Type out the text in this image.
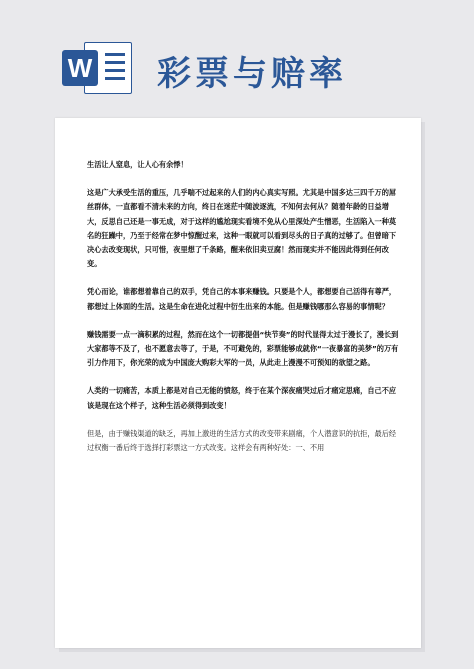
W 彩票与赔率

生活让人窒息，让人心有余悸！

这是广大承受生活的重压，几乎喘不过起来的人们的内心真实写照。尤其是中国多达三四千万的屌丝群体，一直都看不清未来的方向，终日在迷茫中随波逐流，不知何去何从？随着年龄的日益增大，反思自己还是一事无成，对于这样的尴尬现实看境不免从心里深处产生憎恶，生活陷入一种莫名的狂躁中，乃至于经常在梦中惊醒过来，这种一眼就可以看到尽头的日子真的过够了。但曾暗下决心去改变现状，只可惜，夜里想了千条路，醒来依旧卖豆腐！然而现实并不能因此得到任何改变。

凭心而论，谁都想着靠自己的双手，凭自己的本事来赚钱。只要是个人，都想要自己活得有尊严，都想过上体面的生活。这是生命在进化过程中衍生出来的本能。但是赚钱哪那么容易的事情呢？

赚钱需要一点一滴积累的过程，然而在这个一切都提倡“快节奏”的时代显得太过于漫长了，漫长到大家都等不及了，也不愿意去等了，于是，不可避免的，彩票能够成就你“一夜暴富的美梦”的万有引力作用下，你光荣的成为中国庞大购彩大军的一员，从此走上漫漫不可预知的欲望之路。

人类的一切痛苦，本质上都是对自己无能的愤怒，终于在某个深夜痛哭过后才痛定思痛，自己不应该是现在这个样子，这种生活必须得到改变！

但是，由于赚钱渠道的缺乏，再加上激进的生活方式的改变带来剧痛，个人潜意识的抗拒，最后经过权衡一番后终于选择打彩票这一方式改变。这样会有两种好处：一、不用
